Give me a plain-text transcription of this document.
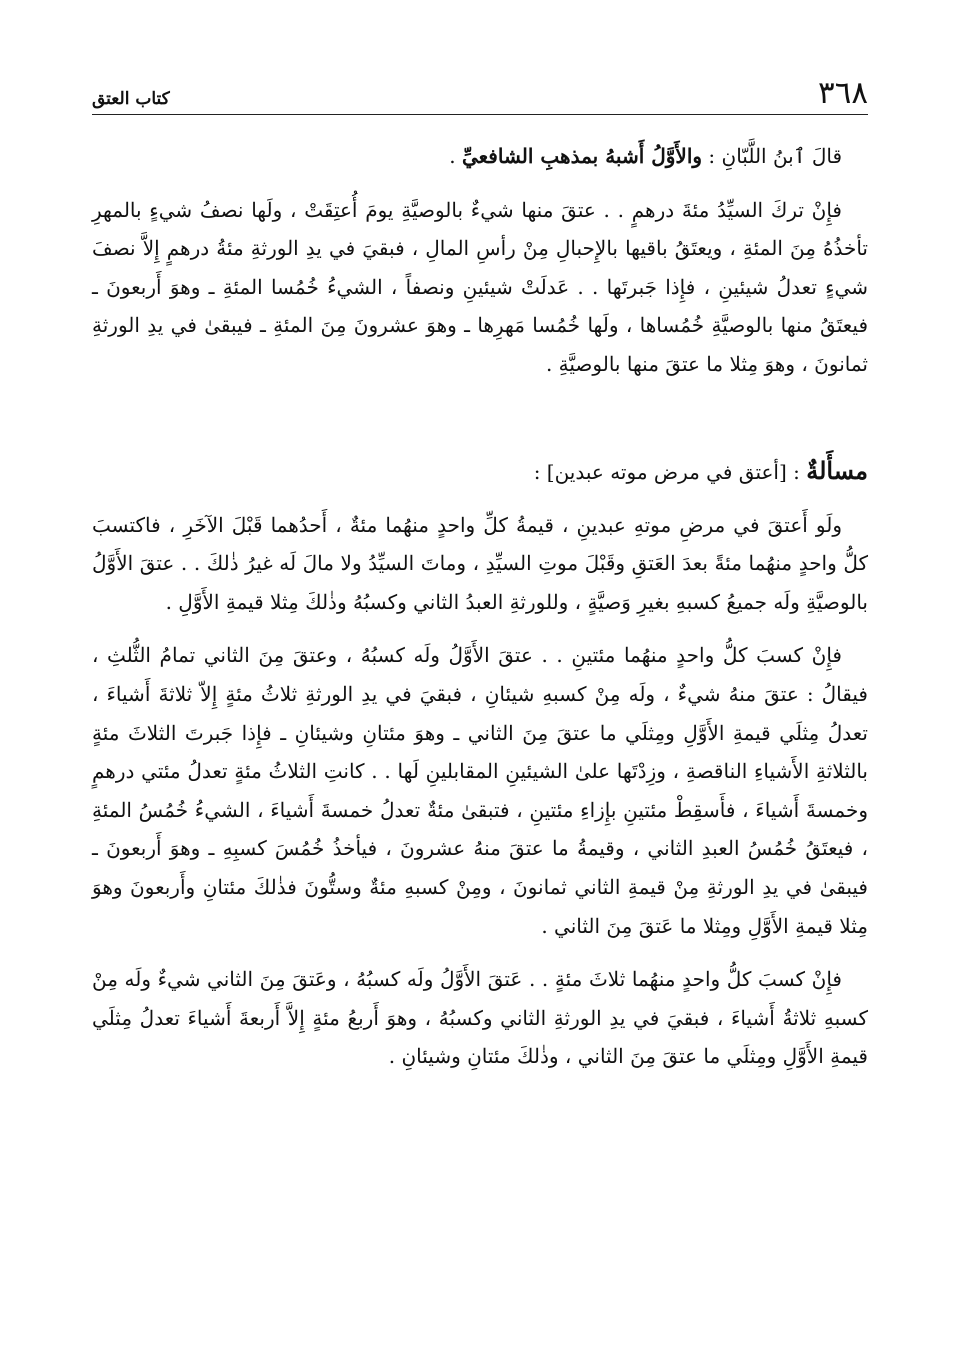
٣٦٨
كتاب العتق

قالَ ٱبنُ اللَّبّانِ : والأَوَّلُ أَشبهُ بمذهبِ الشافعيِّ .

فإِنْ تركَ السيِّدُ مئةَ درهمٍ . . عتقَ منها شيءٌ بالوصيَّةِ يومَ أُعتِقَتْ ، ولَها نصفُ شيءٍ بالمهرِ تأخذُهُ مِنَ المئةِ ، ويعتَقُ باقيها بالإِحبالِ مِنْ رأسِ المالِ ، فبقيَ في يدِ الورثةِ مئةُ درهمٍ إِلاَّ نصفَ شيءٍ تعدلُ شيئينِ ، فإِذا جَبرتَها . . عَدلَتْ شيئينِ ونصفاً ، الشيءُ خُمُسا المئةِ ـ وهوَ أَربعونَ ـ فيعتَقُ منها بالوصيَّةِ خُمُساها ، ولَها خُمُسا مَهرِها ـ وهوَ عشرونَ مِنَ المئةِ ـ فيبقىٰ في يدِ الورثةِ ثمانونَ ، وهوَ مِثلا ما عتقَ منها بالوصيَّةِ .

مسأَلةٌ : [أعتق في مرض موته عبدين] :

ولَو أَعتقَ في مرضِ موتهِ عبدينِ ، قيمةُ كلِّ واحدٍ منهُما مئةٌ ، أَحدُهما قَبْلَ الآخَرِ ، فاكتسبَ كلُّ واحدٍ منهُما مئةً بعدَ العَتقِ وقَبْلَ موتِ السيِّدِ ، وماتَ السيِّدُ ولا مالَ لَه غيرُ ذٰلكَ . . عتقَ الأَوَّلُ بالوصيَّةِ ولَه جميعُ كسبهِ بغيرِ وَصيَّةٍ ، وللورثةِ العبدُ الثاني وكسبُهُ وذٰلكَ مِثلا قيمةِ الأَوَّلِ .

فإِنْ كسبَ كلُّ واحدٍ منهُما مئتينِ . . عتقَ الأَوَّلُ ولَه كسبُهُ ، وعتقَ مِنَ الثاني تمامُ الثُّلثِ ، فيقالُ : عتقَ منهُ شيءٌ ، ولَه مِنْ كسبهِ شيئانِ ، فبقيَ في يدِ الورثةِ ثلاثُ مئةٍ إِلاّ ثلاثةَ أَشياءَ ، تعدلُ مِثلَي قيمةِ الأَوَّلِ ومِثلَي ما عتقَ مِنَ الثاني ـ وهوَ مئتانِ وشيئانِ ـ فإِذا جَبرتَ الثلاثَ مئةٍ بالثلاثةِ الأَشياءِ الناقصةِ ، وزِدْتَها علىٰ الشيئينِ المقابلينِ لَها . . كانتِ الثلاثُ مئةٍ تعدلُ مئتي درهمٍ وخمسةَ أَشياءَ ، فأَسقِطْ مئتينِ بإِزاءِ مئتينِ ، فتبقىٰ مئةٌ تعدلُ خمسةَ أَشياءَ ، الشيءُ خُمُسُ المئةِ ، فيعتَقُ خُمُسُ العبدِ الثاني ، وقيمةُ ما عتقَ منهُ عشرونَ ، فيأخذُ خُمُسَ كسبِهِ ـ وهوَ أَربعونَ ـ فيبقىٰ في يدِ الورثةِ مِنْ قيمةِ الثاني ثمانونَ ، ومِنْ كسبهِ مئةٌ وستُّونَ فذٰلكَ مئتانِ وأَربعونَ وهوَ مِثلا قيمةِ الأَوَّلِ ومِثلا ما عَتقَ مِنَ الثاني .

فإِنْ كسبَ كلُّ واحدٍ منهُما ثلاثَ مئةٍ . . عَتقَ الأَوَّلُ ولَه كسبُهُ ، وعَتقَ مِنَ الثاني شيءٌ ولَه مِنْ كسبهِ ثلاثةُ أَشياءَ ، فبقيَ في يدِ الورثةِ الثاني وكسبُهُ ، وهوَ أَربعُ مئةٍ إِلاَّ أَربعةَ أَشياءَ تعدلُ مِثلَي قيمةِ الأَوَّلِ ومِثلَي ما عتقَ مِنَ الثاني ، وذٰلكَ مئتانِ وشيئانِ .
